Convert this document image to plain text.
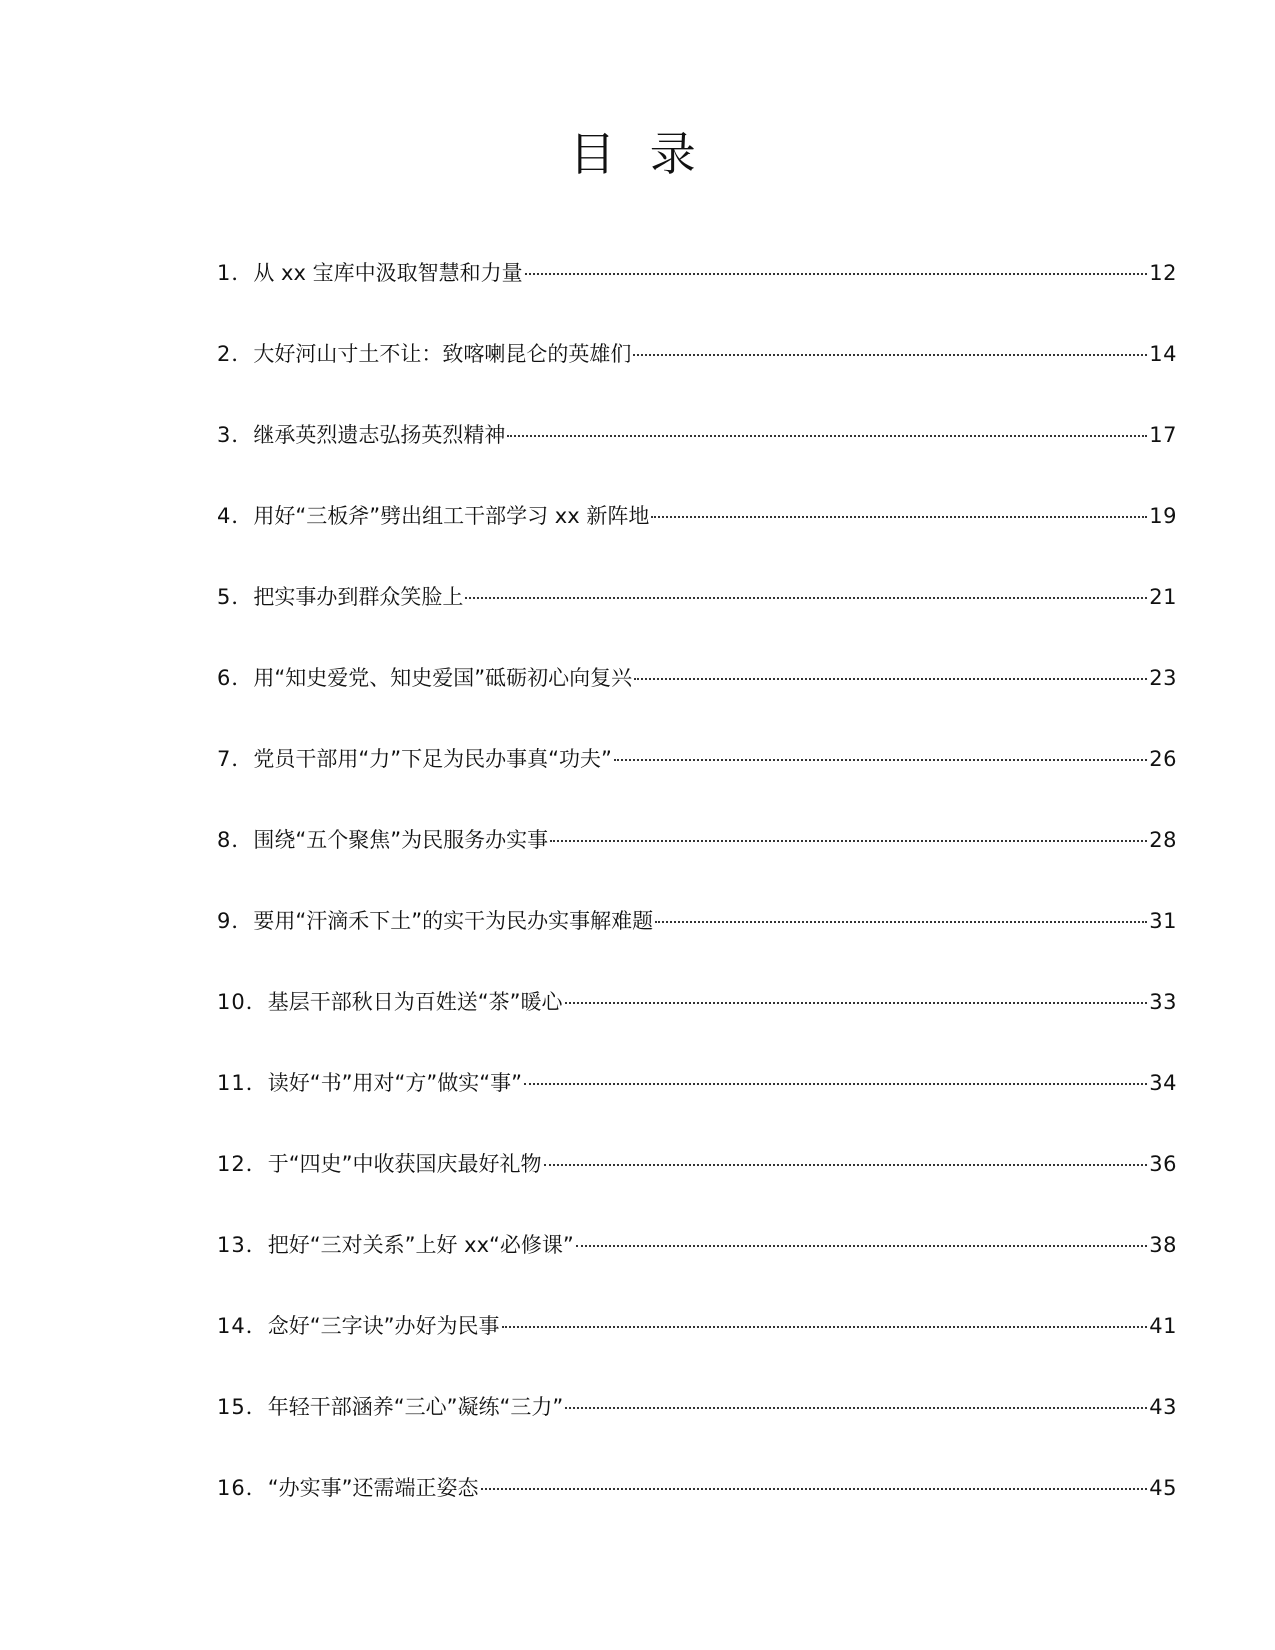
目 录
1． 从 xx 宝库中汲取智慧和力量	12
2． 大好河山寸土不让：致喀喇昆仑的英雄们	14
3． 继承英烈遗志弘扬英烈精神	17
4． 用好“三板斧”劈出组工干部学习 xx 新阵地	19
5． 把实事办到群众笑脸上	21
6． 用“知史爱党、知史爱国”砥砺初心向复兴	23
7． 党员干部用“力”下足为民办事真“功夫”	26
8． 围绕“五个聚焦”为民服务办实事	28
9． 要用“汗滴禾下土”的实干为民办实事解难题	31
10． 基层干部秋日为百姓送“茶”暖心	33
11． 读好“书”用对“方”做实“事”	34
12． 于“四史”中收获国庆最好礼物	36
13． 把好“三对关系”上好 xx“必修课”	38
14． 念好“三字诀”办好为民事	41
15． 年轻干部涵养“三心”凝练“三力”	43
16． “办实事”还需端正姿态	45
